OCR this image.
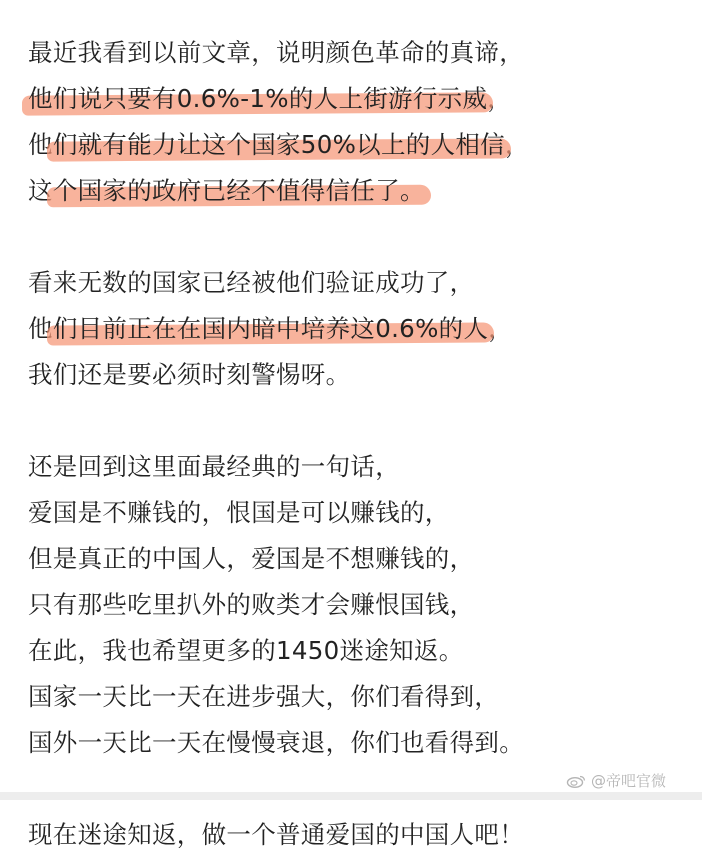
最近我看到以前文章，说明颜色革命的真谛，
他们说只要有0.6%-1%的人上街游行示威，
他们就有能力让这个国家50%以上的人相信，
这个国家的政府已经不值得信任了。
看来无数的国家已经被他们验证成功了，
他们目前正在在国内暗中培养这0.6%的人，
我们还是要必须时刻警惕呀。
还是回到这里面最经典的一句话，
爱国是不赚钱的，恨国是可以赚钱的，
但是真正的中国人，爱国是不想赚钱的，
只有那些吃里扒外的败类才会赚恨国钱，
在此，我也希望更多的1450迷途知返。
国家一天比一天在进步强大，你们看得到，
国外一天比一天在慢慢衰退，你们也看得到。
现在迷途知返，做一个普通爱国的中国人吧！
@帝吧官微
